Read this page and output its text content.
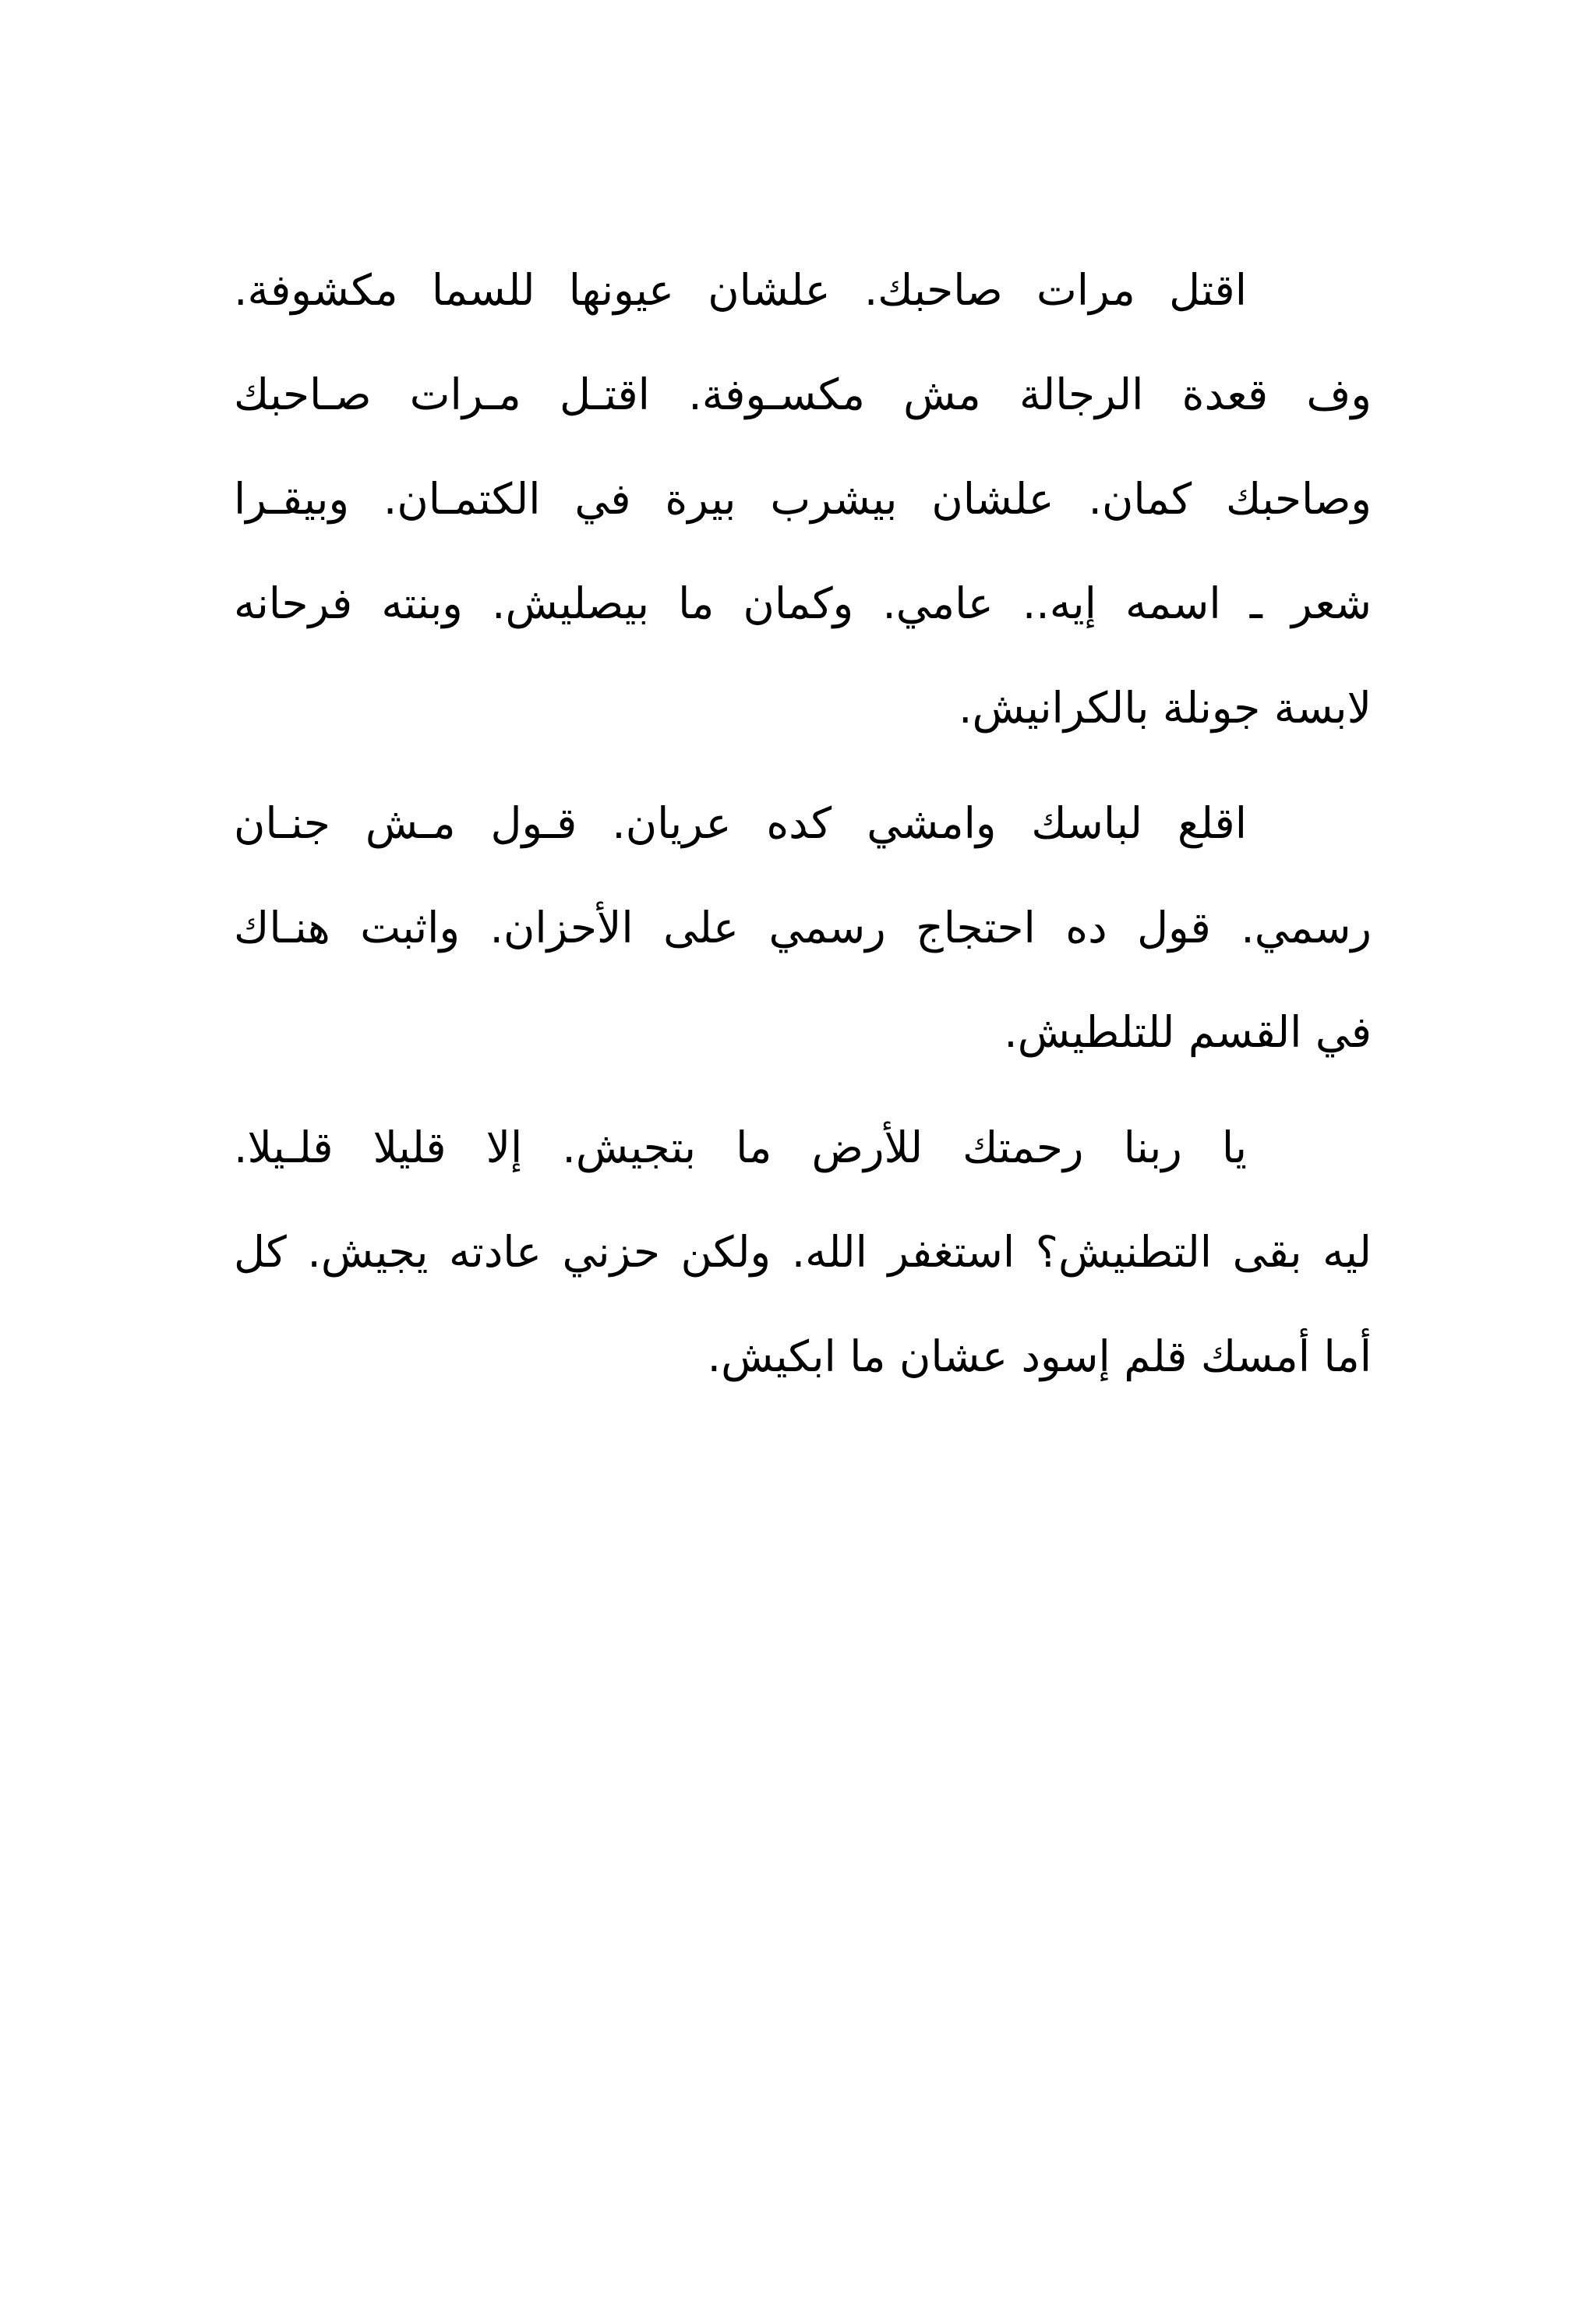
اقتل مرات صاحبك. علشان عيونها للسما مكشوفة.
وف قعدة الرجالة مش مكسـوفة. اقتـل مـرات صـاحبك
وصاحبك كمان. علشان بيشرب بيرة في الكتمـان. وبيقـرا
شعر ـ اسمه إيه.. عامي. وكمان ما بيصليش. وبنته فرحانه
لابسة جونلة بالكرانيش.
اقلع لباسك وامشي كده عريان. قـول مـش جنـان
رسمي. قول ده احتجاج رسمي على الأحزان. واثبت هنـاك
في القسم للتلطيش.
يا ربنا رحمتك للأرض ما بتجيش. إلا قليلا قلـيلا.
ليه بقى التطنيش؟ استغفر الله. ولكن حزني عادته يجيش. كل
أما أمسك قلم إسود عشان ما ابكيش.
